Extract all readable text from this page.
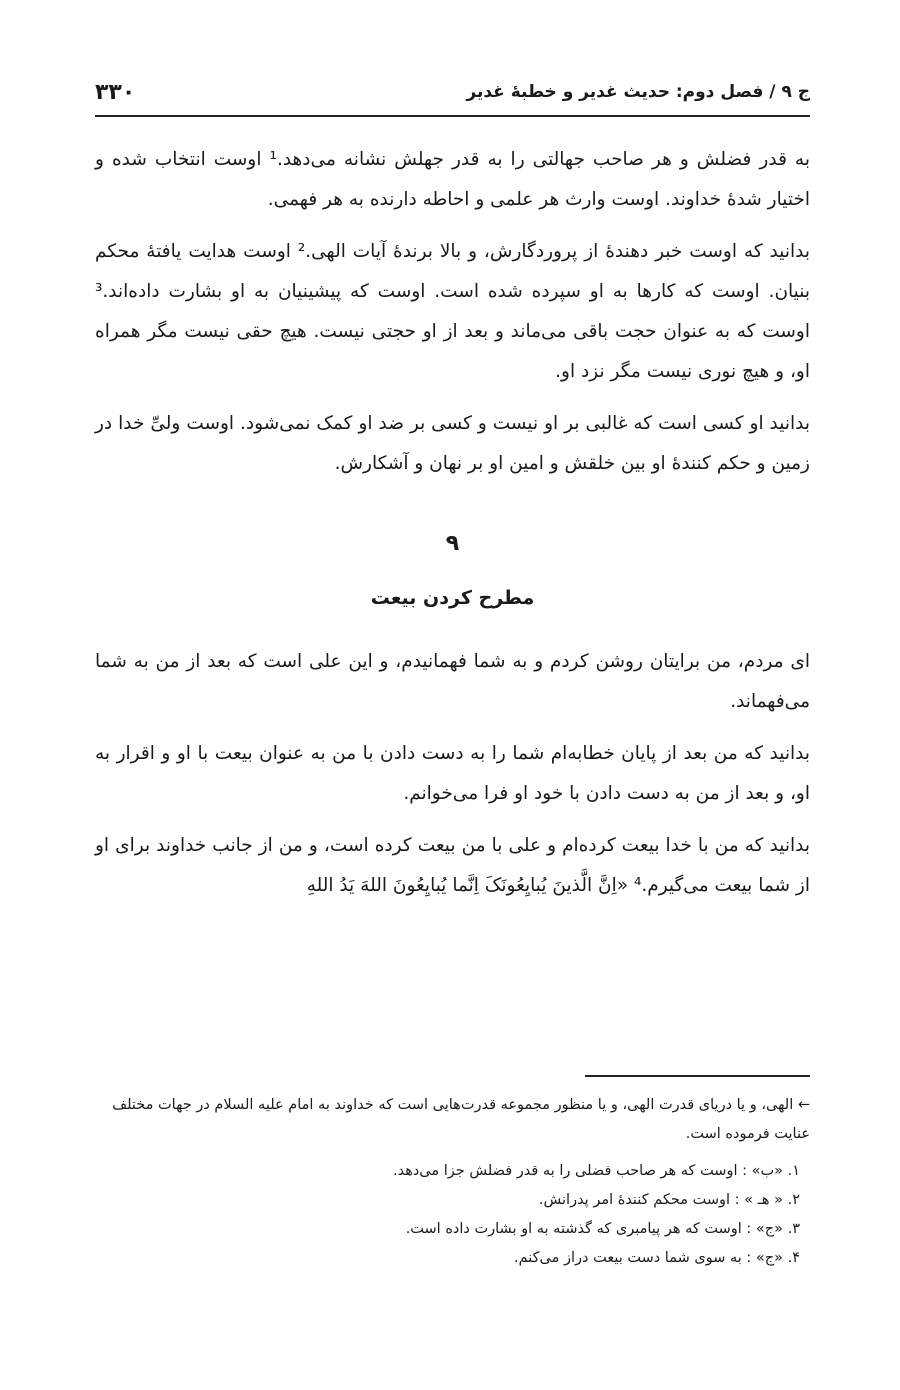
ج ۹ / فصل دوم: حدیث غدیر و خطبهٔ غدیر
۳۳۰

به قدر فضلش و هر صاحب جهالتی را به قدر جهلش نشانه می‌دهد.¹ اوست انتخاب شده و اختیار شدهٔ خداوند. اوست وارث هر علمی و احاطه دارنده به هر فهمی.

بدانید که اوست خبر دهندهٔ از پروردگارش، و بالا برندهٔ آیات الهی.² اوست هدایت یافتهٔ محکم بنیان. اوست که کارها به او سپرده شده است. اوست که پیشینیان به او بشارت داده‌اند.³ اوست که به عنوان حجت باقی می‌ماند و بعد از او حجتی نیست. هیچ حقی نیست مگر همراه او، و هیچ نوری نیست مگر نزد او.

بدانید او کسی است که غالبی بر او نیست و کسی بر ضد او کمک نمی‌شود. اوست ولیِّ خدا در زمین و حکم کنندهٔ او بین خلقش و امین او بر نهان و آشکارش.

۹
مطرح کردن بیعت

ای مردم، من برایتان روشن کردم و به شما فهمانیدم، و این علی است که بعد از من به شما می‌فهماند.

بدانید که من بعد از پایان خطابه‌ام شما را به دست دادن با من به عنوان بیعت با او و اقرار به او، و بعد از من به دست دادن با خود او فرا می‌خوانم.

بدانید که من با خدا بیعت کرده‌ام و علی با من بیعت کرده است، و من از جانب خداوند برای او از شما بیعت می‌گیرم.⁴ «اِنَّ الَّذینَ یُبایِعُونَکَ اِنَّما یُبایِعُونَ اللهَ یَدُ اللهِ

← الهی، و یا دریای قدرت الهی، و یا منظور مجموعه قدرت‌هایی است که خداوند به امام علیه السلام در جهات مختلف عنایت فرموده است.

۱. «ب» : اوست که هر صاحب فضلی را به قدر فضلش جزا می‌دهد.

۲. « هـ » : اوست محکم کنندهٔ امر پدرانش.

۳. «ج» : اوست که هر پیامبری که گذشته به او بشارت داده است.

۴. «ج» : به سوی شما دست بیعت دراز می‌کنم.
